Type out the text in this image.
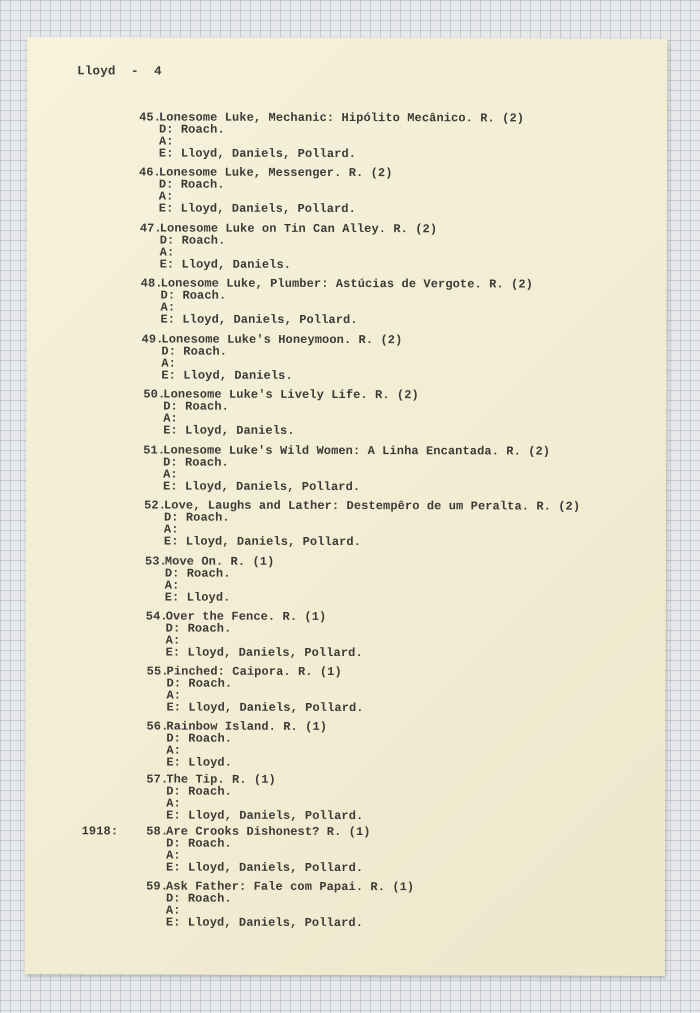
Lloyd  -  4

45.

Lonesome Luke, Mechanic: Hipólito Mecânico. R. (2)

D: Roach.

A:

E: Lloyd, Daniels, Pollard.

46.

Lonesome Luke, Messenger. R. (2)

D: Roach.

A:

E: Lloyd, Daniels, Pollard.

47.

Lonesome Luke on Tin Can Alley. R. (2)

D: Roach.

A:

E: Lloyd, Daniels.

48.

Lonesome Luke, Plumber: Astúcias de Vergote. R. (2)

D: Roach.

A:

E: Lloyd, Daniels, Pollard.

49.

Lonesome Luke's Honeymoon. R. (2)

D: Roach.

A:

E: Lloyd, Daniels.

50.

Lonesome Luke's Lively Life. R. (2)

D: Roach.

A:

E: Lloyd, Daniels.

51.

Lonesome Luke's Wild Women: A Linha Encantada. R. (2)

D: Roach.

A:

E: Lloyd, Daniels, Pollard.

52.

Love, Laughs and Lather: Destempêro de um Peralta. R. (2)

D: Roach.

A:

E: Lloyd, Daniels, Pollard.

53.

Move On. R. (1)

D: Roach.

A:

E: Lloyd.

54.

Over the Fence. R. (1)

D: Roach.

A:

E: Lloyd, Daniels, Pollard.

55.

Pinched: Caipora. R. (1)

D: Roach.

A:

E: Lloyd, Daniels, Pollard.

56.

Rainbow Island. R. (1)

D: Roach.

A:

E: Lloyd.

57.

The Tip. R. (1)

D: Roach.

A:

E: Lloyd, Daniels, Pollard.

1918:

	58.

Are Crooks Dishonest? R. (1)

D: Roach.

A:

E: Lloyd, Daniels, Pollard.

59.

Ask Father: Fale com Papai. R. (1)

D: Roach.

A:

E: Lloyd, Daniels, Pollard.
